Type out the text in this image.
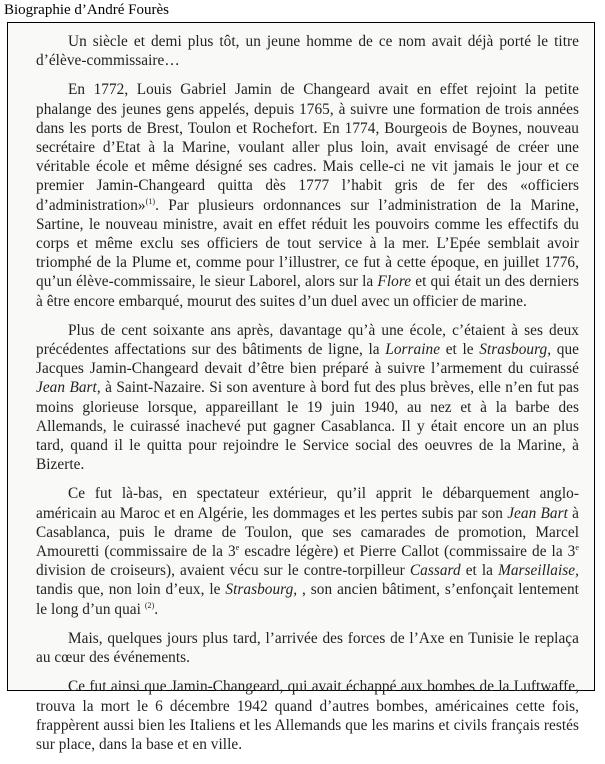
Biographie d’André Fourès

Un siècle et demi plus tôt, un jeune homme de ce nom avait déjà porté le titre d’élève-commissaire…

En 1772, Louis Gabriel Jamin de Changeard avait en effet rejoint la petite phalange des jeunes gens appelés, depuis 1765, à suivre une formation de trois années dans les ports de Brest, Toulon et Rochefort. En 1774, Bourgeois de Boynes, nouveau secrétaire d’Etat à la Marine, voulant aller plus loin, avait envisagé de créer une véritable école et même désigné ses cadres. Mais celle-ci ne vit jamais le jour et ce premier Jamin-Changeard quitta dès 1777 l’habit gris de fer des «officiers d’administration»$^{(1)}$. Par plusieurs ordonnances sur l’administration de la Marine, Sartine, le nouveau ministre, avait en effet réduit les pouvoirs comme les effectifs du corps et même exclu ses officiers de tout service à la mer. L’Epée semblait avoir triomphé de la Plume et, comme pour l’illustrer, ce fut à cette époque, en juillet 1776, qu’un élève-commissaire, le sieur Laborel, alors sur la Flore et qui était un des derniers à être encore embarqué, mourut des suites d’un duel avec un officier de marine.

Plus de cent soixante ans après, davantage qu’à une école, c’étaient à ses deux précédentes affectations sur des bâtiments de ligne, la Lorraine et le Strasbourg, que Jacques Jamin-Changeard devait d’être bien préparé à suivre l’armement du cuirassé Jean Bart, à Saint-Nazaire. Si son aventure à bord fut des plus brèves, elle n’en fut pas moins glorieuse lorsque, appareillant le 19 juin 1940, au nez et à la barbe des Allemands, le cuirassé inachevé put gagner Casablanca. Il y était encore un an plus tard, quand il le quitta pour rejoindre le Service social des oeuvres de la Marine, à Bizerte.

Ce fut là-bas, en spectateur extérieur, qu’il apprit le débarquement anglo-américain au Maroc et en Algérie, les dommages et les pertes subis par son Jean Bart à Casablanca, puis le drame de Toulon, que ses camarades de promotion, Marcel Amouretti (commissaire de la 3e escadre légère) et Pierre Callot (commissaire de la 3e division de croiseurs), avaient vécu sur le contre-torpilleur Cassard et la Marseillaise, tandis que, non loin d’eux, le Strasbourg, , son ancien bâtiment, s’enfonçait lentement le long d’un quai $^{(2)}$.

Mais, quelques jours plus tard, l’arrivée des forces de l’Axe en Tunisie le replaça au cœur des événements.

Ce fut ainsi que Jamin-Changeard, qui avait échappé aux bombes de la Luftwaffe, trouva la mort le 6 décembre 1942 quand d’autres bombes, américaines cette fois, frappèrent aussi bien les Italiens et les Allemands que les marins et civils français restés sur place, dans la base et en ville.
